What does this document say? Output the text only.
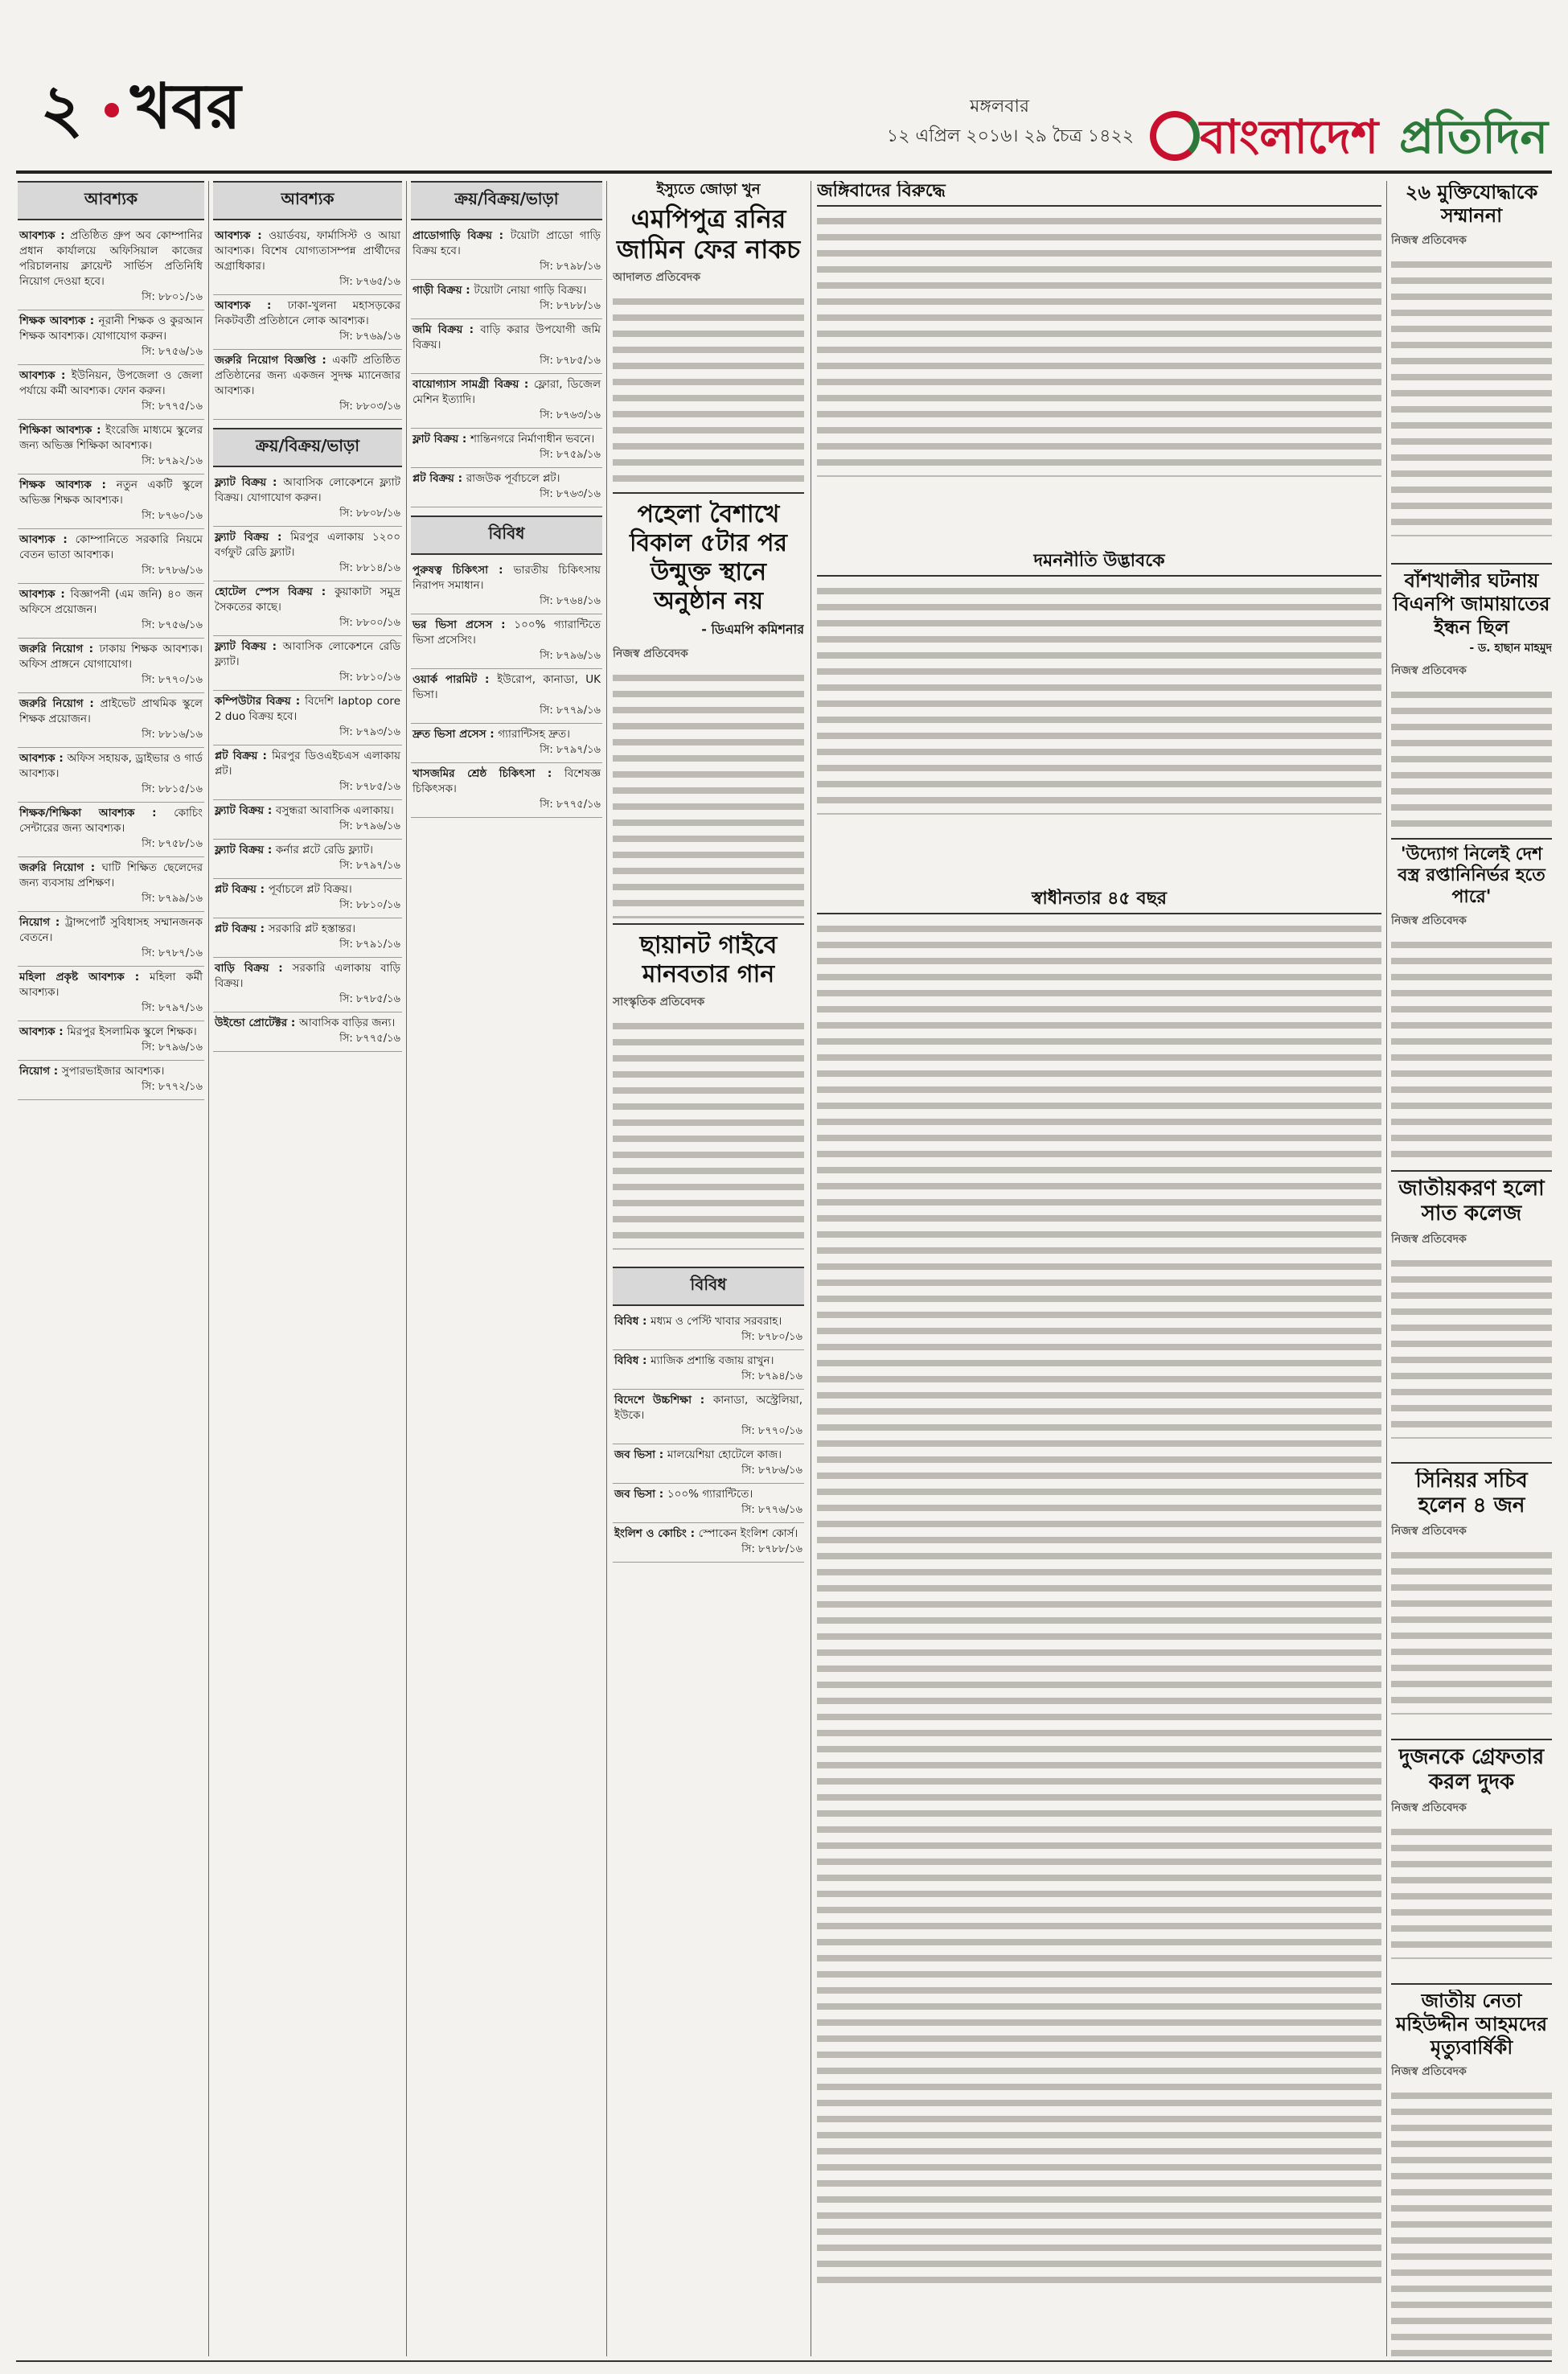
২ খবর	মঙ্গলবার
১২ এপ্রিল ২০১৬। ২৯ চৈত্র ১৪২২ বাংলাদেশ প্রতিদিন
আবশ্যক
আবশ্যক : প্রতিষ্ঠিত গ্রুপ অব কোম্পানির প্রধান কার্যালয়ে অফিসিয়াল কাজের পরিচালনায় ক্লায়েন্ট সার্ভিস প্রতিনিধি নিয়োগ দেওয়া হবে।
সি: ৮৮০১/১৬
শিক্ষক আবশ্যক : নূরানী শিক্ষক ও কুরআন শিক্ষক আবশ্যক। যোগাযোগ করুন।
সি: ৮৭৫৬/১৬
আবশ্যক : ইউনিয়ন, উপজেলা ও জেলা পর্যায়ে কর্মী আবশ্যক। ফোন করুন।
সি: ৮৭৭৫/১৬
শিক্ষিকা আবশ্যক : ইংরেজি মাধ্যমে স্কুলের জন্য অভিজ্ঞ শিক্ষিকা আবশ্যক।
সি: ৮৭৯২/১৬
শিক্ষক আবশ্যক : নতুন একটি স্কুলে অভিজ্ঞ শিক্ষক আবশ্যক।
সি: ৮৭৬০/১৬
আবশ্যক : কোম্পানিতে সরকারি নিয়মে বেতন ভাতা আবশ্যক।
সি: ৮৭৮৬/১৬
আবশ্যক : বিজ্ঞাপনী (এম জনি) ৪০ জন অফিসে প্রয়োজন।
সি: ৮৭৫৬/১৬
জরুরি নিয়োগ : ঢাকায় শিক্ষক আবশ্যক। অফিস প্রাঙ্গনে যোগাযোগ।
সি: ৮৭৭০/১৬
জরুরি নিয়োগ : প্রাইভেট প্রাথমিক স্কুলে শিক্ষক প্রয়োজন।
সি: ৮৮১৬/১৬
আবশ্যক : অফিস সহায়ক, ড্রাইভার ও গার্ড আবশ্যক।
সি: ৮৮১৫/১৬
শিক্ষক/শিক্ষিকা আবশ্যক : কোচিং সেন্টারের জন্য আবশ্যক।
সি: ৮৭৫৮/১৬
জরুরি নিয়োগ : ঘাটি শিক্ষিত ছেলেদের জন্য ব্যবসায় প্রশিক্ষণ।
সি: ৮৭৯৯/১৬
নিয়োগ : ট্রান্সপোর্ট সুবিধাসহ সম্মানজনক বেতনে।
সি: ৮৭৮৭/১৬
মহিলা প্রকৃষ্ট আবশ্যক : মহিলা কর্মী আবশ্যক।
সি: ৮৭৯৭/১৬
আবশ্যক : মিরপুর ইসলামিক স্কুলে শিক্ষক।
সি: ৮৭৯৬/১৬
নিয়োগ : সুপারভাইজার আবশ্যক।
সি: ৮৭৭২/১৬
আবশ্যক
আবশ্যক : ওয়ার্ডবয়, ফার্মাসিস্ট ও আয়া আবশ্যক। বিশেষ যোগ্যতাসম্পন্ন প্রার্থীদের অগ্রাধিকার।
সি: ৮৭৬৫/১৬
আবশ্যক : ঢাকা-খুলনা মহাসড়কের নিকটবর্তী প্রতিষ্ঠানে লোক আবশ্যক।
সি: ৮৭৬৯/১৬
জরুরি নিয়োগ বিজ্ঞপ্তি : একটি প্রতিষ্ঠিত প্রতিষ্ঠানের জন্য একজন সুদক্ষ ম্যানেজার আবশ্যক।
সি: ৮৮০৩/১৬
ক্রয়/বিক্রয়/ভাড়া
ফ্ল্যাট বিক্রয় : আবাসিক লোকেশনে ফ্ল্যাট বিক্রয়। যোগাযোগ করুন।
সি: ৮৮০৮/১৬
ফ্ল্যাট বিক্রয় : মিরপুর এলাকায় ১২০০ বর্গফুট রেডি ফ্ল্যাট।
সি: ৮৮১৪/১৬
হোটেল স্পেস বিক্রয় : কুয়াকাটা সমুদ্র সৈকতের কাছে।
সি: ৮৮০০/১৬
ফ্ল্যাট বিক্রয় : আবাসিক লোকেশনে রেডি ফ্ল্যাট।
সি: ৮৮১০/১৬
কম্পিউটার বিক্রয় : বিদেশি laptop core 2 duo বিক্রয় হবে।
সি: ৮৭৯৩/১৬
প্লট বিক্রয় : মিরপুর ডিওএইচএস এলাকায় প্লট।
সি: ৮৭৮৫/১৬
ফ্ল্যাট বিক্রয় : বসুন্ধরা আবাসিক এলাকায়।
সি: ৮৭৯৬/১৬
ফ্ল্যাট বিক্রয় : কর্নার প্লটে রেডি ফ্ল্যাট।
সি: ৮৭৯৭/১৬
প্লট বিক্রয় : পূর্বাচলে প্লট বিক্রয়।
সি: ৮৮১০/১৬
প্লট বিক্রয় : সরকারি প্লট হস্তান্তর।
সি: ৮৭৯১/১৬
বাড়ি বিক্রয় : সরকারি এলাকায় বাড়ি বিক্রয়।
সি: ৮৭৮৫/১৬
উইন্ডো প্রোটেক্টর : আবাসিক বাড়ির জন্য।
সি: ৮৭৭৫/১৬
ক্রয়/বিক্রয়/ভাড়া
প্রাডোগাড়ি বিক্রয় : টয়োটা প্রাডো গাড়ি বিক্রয় হবে।
সি: ৮৭৯৮/১৬
গাড়ী বিক্রয় : টয়োটা নোয়া গাড়ি বিক্রয়।
সি: ৮৭৮৮/১৬
জমি বিক্রয় : বাড়ি করার উপযোগী জমি বিক্রয়।
সি: ৮৭৮৫/১৬
বায়োগ্যাস সামগ্রী বিক্রয় : ফ্লোরা, ডিজেল মেশিন ইত্যাদি।
সি: ৮৭৬৩/১৬
ফ্লাট বিক্রয় : শান্তিনগরে নির্মাণাধীন ভবনে।
সি: ৮৭৫৯/১৬
প্লট বিক্রয় : রাজউক পূর্বাচলে প্লট।
সি: ৮৭৬৩/১৬
বিবিধ
পুরুষত্ব চিকিৎসা : ভারতীয় চিকিৎসায় নিরাপদ সমাধান।
সি: ৮৭৬৪/১৬
ভর ভিসা প্রসেস : ১০০% গ্যারান্টিতে ভিসা প্রসেসিং।
সি: ৮৭৯৬/১৬
ওয়ার্ক পারমিট : ইউরোপ, কানাডা, UK ভিসা।
সি: ৮৭৭৯/১৬
দ্রুত ভিসা প্রসেস : গ্যারান্টিসহ দ্রুত।
সি: ৮৭৯৭/১৬
খাসজমির শ্রেষ্ঠ চিকিৎসা : বিশেষজ্ঞ চিকিৎসক।
সি: ৮৭৭৫/১৬
ইস্যুতে জোড়া খুন
এমপিপুত্র রনির জামিন ফের নাকচ
আদালত প্রতিবেদক
পহেলা বৈশাখে বিকাল ৫টার পর উন্মুক্ত স্থানে অনুষ্ঠান নয়
- ডিএমপি কমিশনার
নিজস্ব প্রতিবেদক
ছায়ানট গাইবে মানবতার গান
সাংস্কৃতিক প্রতিবেদক
বিবিধ
বিবিধ : মধ্যম ও পেস্টি খাবার সরবরাহ।
সি: ৮৭৮০/১৬
বিবিধ : ম্যাজিক প্রশান্তি বজায় রাখুন।
সি: ৮৭৯৪/১৬
বিদেশে উচ্চশিক্ষা : কানাডা, অস্ট্রেলিয়া, ইউকে।
সি: ৮৭৭০/১৬
জব ভিসা : মালয়েশিয়া হোটেলে কাজ।
সি: ৮৭৮৬/১৬
জব ভিসা : ১০০% গ্যারান্টিতে।
সি: ৮৭৭৬/১৬
ইংলিশ ও কোচিং : স্পোকেন ইংলিশ কোর্স।
সি: ৮৭৮৮/১৬
জঙ্গিবাদের বিরুদ্ধে
দমননীতি উদ্ভাবকে
স্বাধীনতার ৪৫ বছর
২৬ মুক্তিযোদ্ধাকে সম্মাননা
নিজস্ব প্রতিবেদক
বাঁশখালীর ঘটনায় বিএনপি জামায়াতের ইন্ধন ছিল
- ড. হাছান মাহমুদ
নিজস্ব প্রতিবেদক
'উদ্যোগ নিলেই দেশ বস্ত্র রপ্তানিনির্ভর হতে পারে'
নিজস্ব প্রতিবেদক
জাতীয়করণ হলো সাত কলেজ
নিজস্ব প্রতিবেদক
সিনিয়র সচিব হলেন ৪ জন
নিজস্ব প্রতিবেদক
দুজনকে গ্রেফতার করল দুদক
নিজস্ব প্রতিবেদক
জাতীয় নেতা মহিউদ্দীন আহমদের মৃত্যুবার্ষিকী
নিজস্ব প্রতিবেদক
